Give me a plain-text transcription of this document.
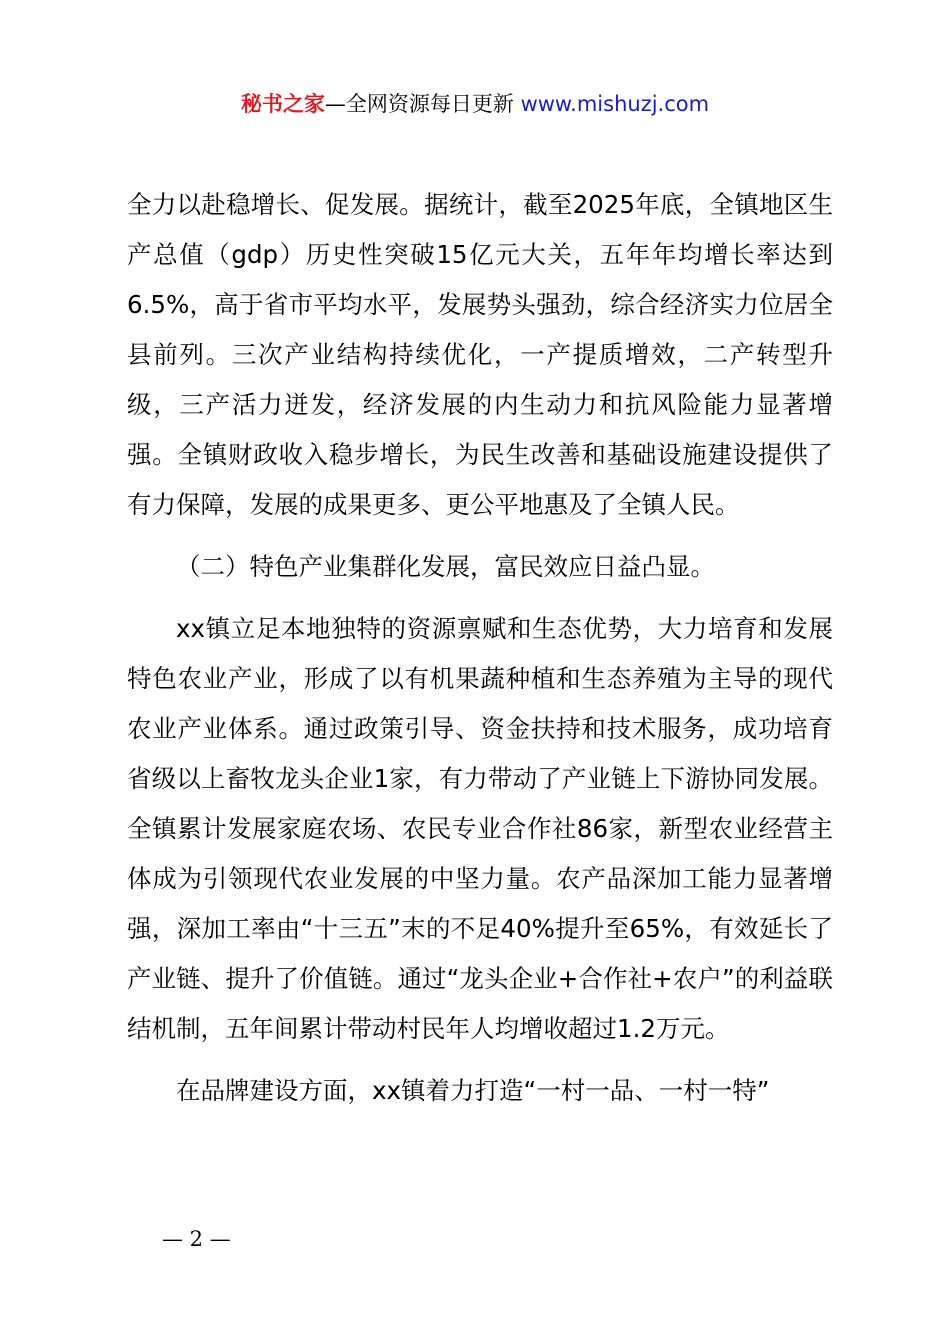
秘书之家—全网资源每日更新 www.mishuzj.com

全力以赴稳增长、促发展。据统计，截至2025年底，全镇地区生产总值（gdp）历史性突破15亿元大关，五年年均增长率达到6.5%，高于省市平均水平，发展势头强劲，综合经济实力位居全县前列。三次产业结构持续优化，一产提质增效，二产转型升级，三产活力迸发，经济发展的内生动力和抗风险能力显著增强。全镇财政收入稳步增长，为民生改善和基础设施建设提供了有力保障，发展的成果更多、更公平地惠及了全镇人民。

（二）特色产业集群化发展，富民效应日益凸显。

xx镇立足本地独特的资源禀赋和生态优势，大力培育和发展特色农业产业，形成了以有机果蔬种植和生态养殖为主导的现代农业产业体系。通过政策引导、资金扶持和技术服务，成功培育省级以上畜牧龙头企业1家，有力带动了产业链上下游协同发展。全镇累计发展家庭农场、农民专业合作社86家，新型农业经营主体成为引领现代农业发展的中坚力量。农产品深加工能力显著增强，深加工率由“十三五”末的不足40%提升至65%，有效延长了产业链、提升了价值链。通过“龙头企业+合作社+农户”的利益联结机制，五年间累计带动村民年人均增收超过1.2万元。

在品牌建设方面，xx镇着力打造“一村一品、一村一特”

— 2 —
